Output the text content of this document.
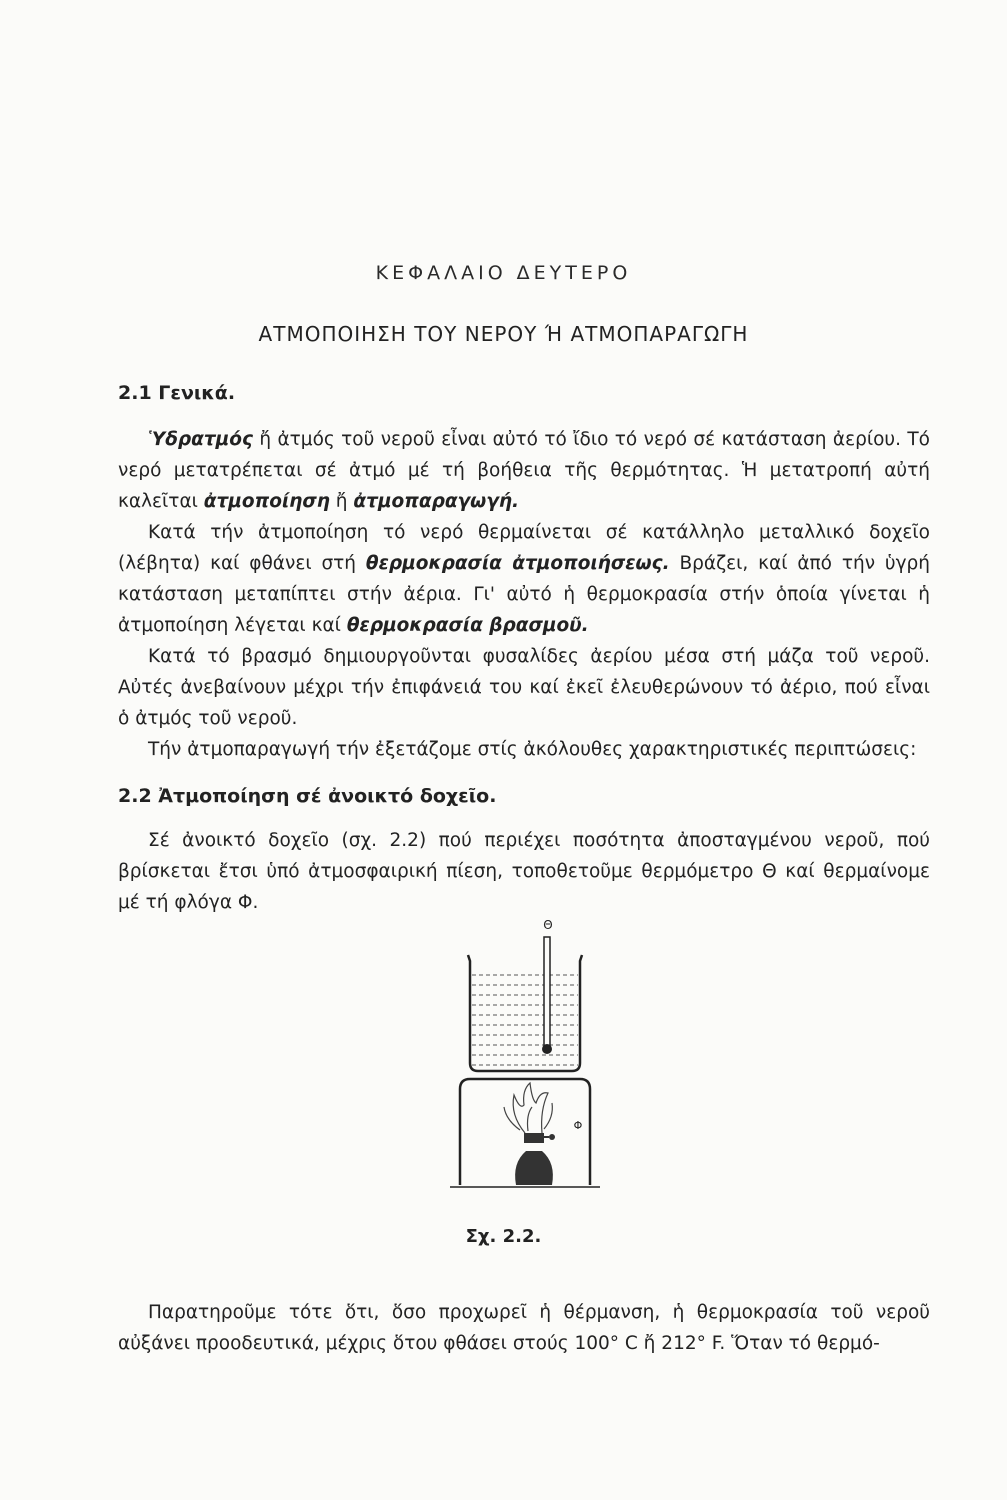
ΚΕΦΑΛΑΙΟ ΔΕΥΤΕΡΟ
ΑΤΜΟΠΟΙΗΣΗ ΤΟΥ ΝΕΡΟΥ Ή ΑΤΜΟΠΑΡΑΓΩΓΗ
2.1 Γενικά.

Ὑδρατμός ἤ ἀτμός τοῦ νεροῦ εἶναι αὐτό τό ἴδιο τό νερό σέ κατάσταση ἀερίου. Τό νερό μετατρέπεται σέ ἀτμό μέ τή βοήθεια τῆς θερμότητας. Ἡ μετατροπή αὐτή καλεῖται ἀτμοποίηση ἤ ἀτμοπαραγωγή.

Κατά τήν ἀτμοποίηση τό νερό θερμαίνεται σέ κατάλληλο μεταλλικό δοχεῖο (λέβητα) καί φθάνει στή θερμοκρασία ἀτμοποιήσεως. Βράζει, καί ἀπό τήν ὑγρή κατάσταση μεταπίπτει στήν ἀέρια. Γι' αὐτό ἡ θερμοκρασία στήν ὁποία γίνεται ἡ ἀτμοποίηση λέγεται καί θερμοκρασία βρασμοῦ.

Κατά τό βρασμό δημιουργοῦνται φυσαλίδες ἀερίου μέσα στή μάζα τοῦ νεροῦ. Αὐτές ἀνεβαίνουν μέχρι τήν ἐπιφάνειά του καί ἐκεῖ ἐλευθερώνουν τό ἀέριο, πού εἶναι ὁ ἀτμός τοῦ νεροῦ.

Τήν ἀτμοπαραγωγή τήν ἐξετάζομε στίς ἀκόλουθες χαρακτηριστικές περιπτώσεις:

2.2 Ἀτμοποίηση σέ ἀνοικτό δοχεῖο.

Σέ ἀνοικτό δοχεῖο (σχ. 2.2) πού περιέχει ποσότητα ἀποσταγμένου νεροῦ, πού βρίσκεται ἔτσι ὑπό ἀτμοσφαιρική πίεση, τοποθετοῦμε θερμόμετρο Θ καί θερμαίνομε μέ τή φλόγα Φ.

Θ
Φ
Σχ. 2.2.

Παρατηροῦμε τότε ὅτι, ὅσο προχωρεῖ ἡ θέρμανση, ἡ θερμοκρασία τοῦ νεροῦ αὐξάνει προοδευτικά, μέχρις ὅτου φθάσει στούς 100° C ἤ 212° F. Ὅταν τό θερμό-
